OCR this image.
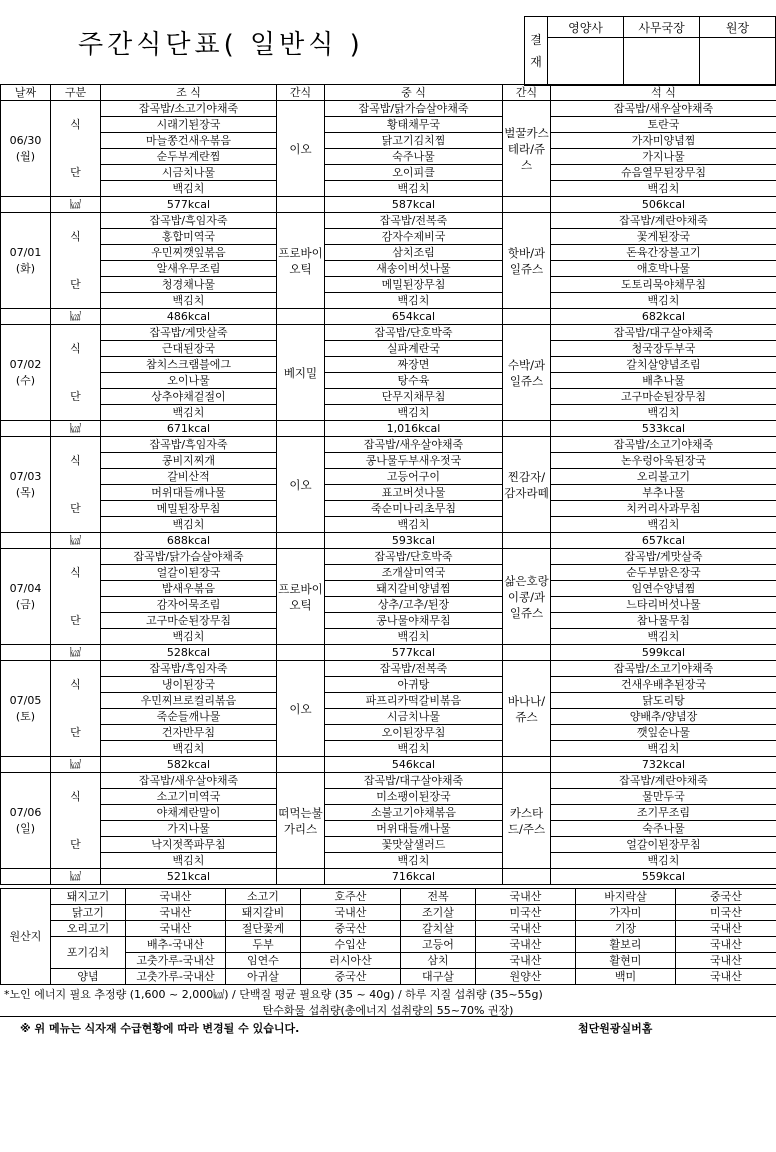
주간식단표( 일반식 )	결 재	영양사	사무국장	원장

날짜	구분	조 식	간식	중 식	간식	석 식

06/30
(월)		잡곡밥/소고기야채죽	이오	잡곡밥/닭가슴살야채죽	벌꿀카스테라/쥬스	잡곡밥/새우살야채죽
	식	시래기된장국		황태채무국		토란국
		마늘쫑건새우볶음		닭고기김치찜		가자미양념찜
		순두부계란찜		숙주나물		가지나물
	단	시금치나물		오이피클		슈음열무된장무침
		백김치		백김치		백김치
	㎉	577kcal		587kcal		506kcal

07/01
(화)		잡곡밥/흑임자죽	프로바이오틱	잡곡밥/전복죽	핫바/과일쥬스	잡곡밥/계란야채죽
	식	홍합미역국		감자수제비국		꽃게된장국
		우민찌깻잎볶음		삼치조림		돈육간장불고기
		알새우무조림		새송이버섯나물		애호박나물
	단	청경채나물		메밀된장무침		도토리묵야채무침
		백김치		백김치		백김치
	㎉	486kcal		654kcal		682kcal

07/02
(수)		잡곡밥/게맛살죽	베지밀	잡곡밥/단호박죽	수박/과일쥬스	잡곡밥/대구살야채죽
	식	근대된장국		실파계란국		청국장두부국
		참치스크램블에그		짜장면		갈치살양념조림
		오이나물		탕수육		배추나물
	단	상추야채겉절이		단무지채무침		고구마순된장무침
		백김치		백김치		백김치
	㎉	671kcal		1,016kcal		533kcal

07/03
(목)		잡곡밥/흑임자죽	이오	잡곡밥/새우살야채죽	찐감자/감자라떼	잡곡밥/소고기야채죽
	식	콩비지찌개		콩나물두부새우젓국		논우렁아욱된장국
		갈비산적		고등어구이		오리불고기
		머위대들깨나물		표고버섯나물		부추나물
	단	메밀된장무침		죽순미나리초무침		치커리사과무침
		백김치		백김치		백김치
	㎉	688kcal		593kcal		657kcal

07/04
(금)		잡곡밥/닭가슴살야채죽	프로바이오틱	잡곡밥/단호박죽	삶은호랑이콩/과일쥬스	잡곡밥/게맛살죽
	식	얼갈이된장국		조개살미역국		순두부맑은장국
		밥새우볶음		돼지갈비양념찜		임연수양념찜
		감자어묵조림		상추/고추/된장		느타리버섯나물
	단	고구마순된장무침		콩나물야채무침		참나물무침
		백김치		백김치		백김치
	㎉	528kcal		577kcal		599kcal

07/05
(토)		잡곡밥/흑임자죽	이오	잡곡밥/전복죽	바나나/쥬스	잡곡밥/소고기야채죽
	식	냉이된장국		아귀탕		건새우배추된장국
		우민찌브로컬리볶음		파프리카떡갈비볶음		닭도리탕
		죽순들깨나물		시금치나물		양배추/양념장
	단	건자반무침		오이된장무침		깻잎순나물
		백김치		백김치		백김치
	㎉	582kcal		546kcal		732kcal

07/06
(일)		잡곡밥/새우살야채죽	떠먹는불가리스	잡곡밥/대구살야채죽	카스타드/주스	잡곡밥/계란야채죽
	식	소고기미역국		미소팽이된장국		물만두국
		야채계란말이		소불고기야채볶음		조기무조림
		가지나물		머위대들깨나물		숙주나물
	단	낙지젓쪽파무침		꽃맛살샐러드		얼갈이된장무침
		백김치		백김치		백김치
	㎉	521kcal		716kcal		559kcal
원산지	돼지고기	국내산	소고기	호주산	전복	국내산	바지락살	중국산
	닭고기	국내산	돼지갈비	국내산	조기살	미국산	가자미	미국산
	오리고기	국내산	절단꽃게	중국산	갈치살	국내산	기장	국내산
	포기김치	배추-국내산	두부	수입산	고등어	국내산	활보리	국내산
		고춧가루-국내산	임연수	러시아산	삼치	국내산	활현미	국내산
	양념	고춧가루-국내산	아귀살	중국산	대구살	원양산	백미	국내산
*노인 에너지 필요 추정량 (1,600 ~ 2,000㎉) / 단백질 평균 필요량 (35 ~ 40g) / 하루 지질 섭취량 (35~55g)
탄수화물 섭취량(총에너지 섭취량의 55~70% 권장)
※ 위 메뉴는 식자재 수급현황에 따라 변경될 수 있습니다.	첨단원광실버홈
